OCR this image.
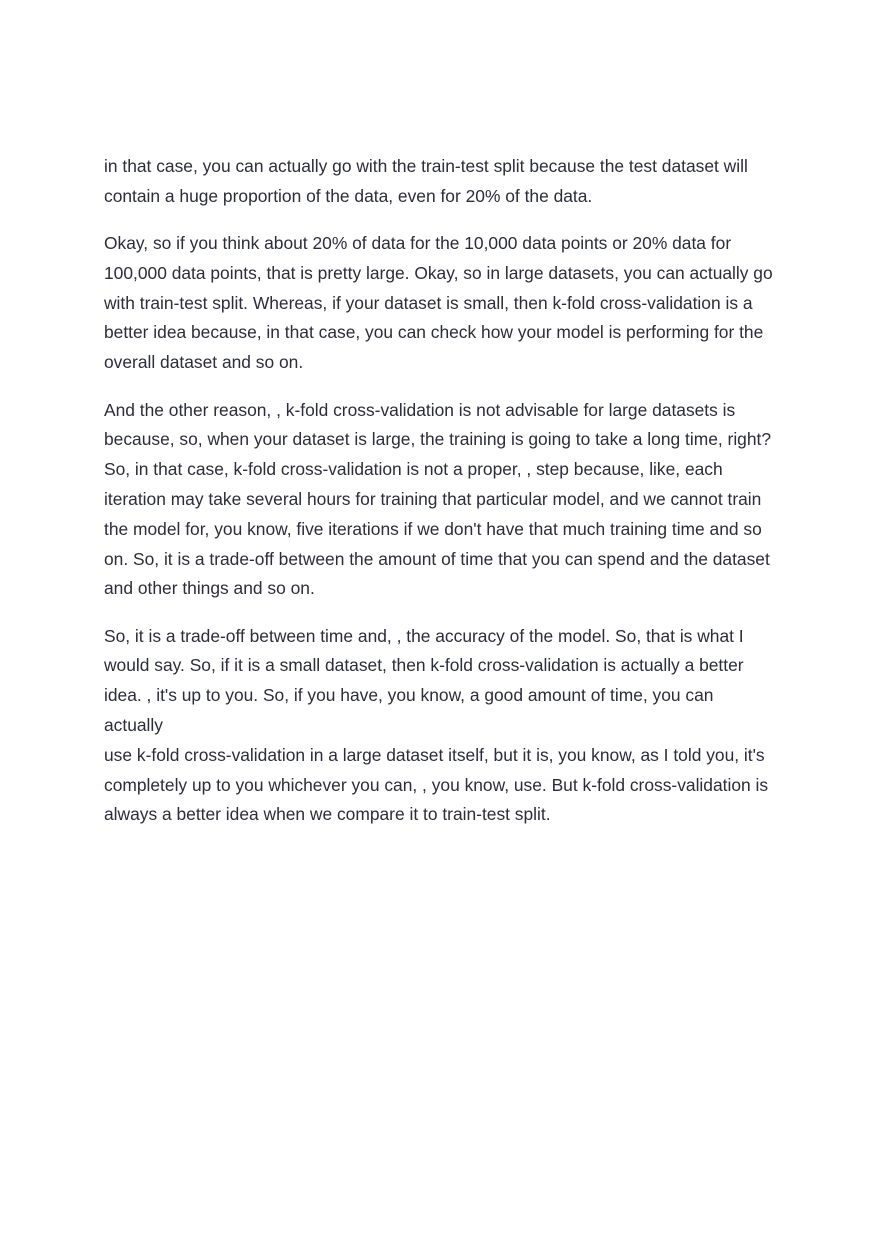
in that case, you can actually go with the train-test split because the test dataset will
contain a huge proportion of the data, even for 20% of the data.

Okay, so if you think about 20% of data for the 10,000 data points or 20% data for
100,000 data points, that is pretty large. Okay, so in large datasets, you can actually go
with train-test split. Whereas, if your dataset is small, then k-fold cross-validation is a
better idea because, in that case, you can check how your model is performing for the
overall dataset and so on.

And the other reason, , k-fold cross-validation is not advisable for large datasets is
because, so, when your dataset is large, the training is going to take a long time, right?
So, in that case, k-fold cross-validation is not a proper, , step because, like, each
iteration may take several hours for training that particular model, and we cannot train
the model for, you know, five iterations if we don't have that much training time and so
on. So, it is a trade-off between the amount of time that you can spend and the dataset
and other things and so on.

So, it is a trade-off between time and, , the accuracy of the model. So, that is what I
would say. So, if it is a small dataset, then k-fold cross-validation is actually a better
idea. , it's up to you. So, if you have, you know, a good amount of time, you can actually
use k-fold cross-validation in a large dataset itself, but it is, you know, as I told you, it's
completely up to you whichever you can, , you know, use. But k-fold cross-validation is
always a better idea when we compare it to train-test split.
